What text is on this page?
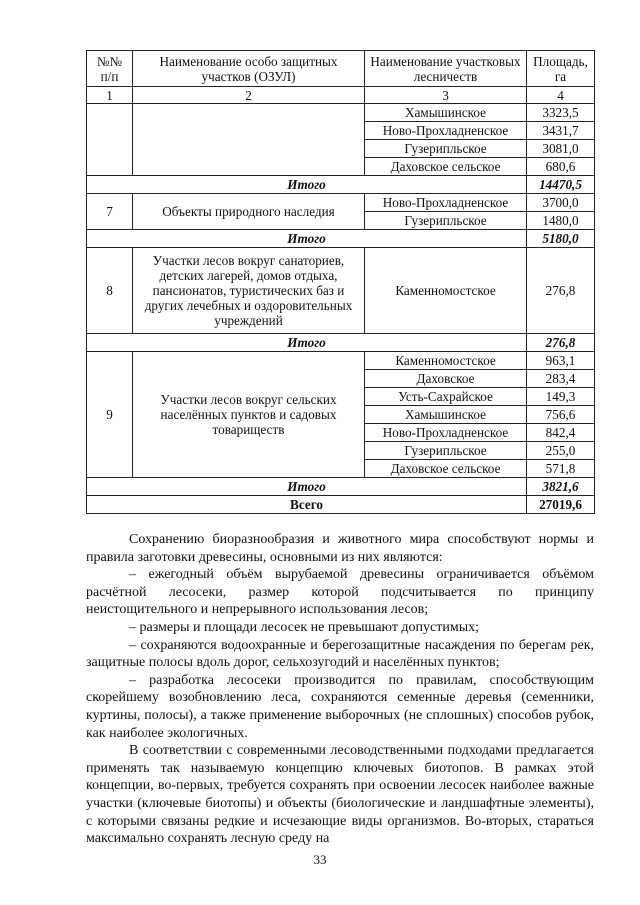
№№ п/п	Наименование особо защитных участков (ОЗУЛ)	Наименование участковых лесничеств	Площадь, га
1	2	3	4
		Хамышинское	3323,5
		Ново-Прохладненское	3431,7
		Гузерипльское	3081,0
		Даховское сельское	680,6
Итого			14470,5
7	Объекты природного наследия	Ново-Прохладненское	3700,0
		Гузерипльское	1480,0
Итого			5180,0
8	Участки лесов вокруг санаториев, детских лагерей, домов отдыха, пансионатов, туристических баз и других лечебных и оздоровительных учреждений	Каменномостское	276,8
Итого			276,8
9	Участки лесов вокруг сельских населённых пунктов и садовых товариществ	Каменномостское	963,1
		Даховское	283,4
		Усть-Сахрайское	149,3
		Хамышинское	756,6
		Ново-Прохладненское	842,4
		Гузерипльское	255,0
		Даховское сельское	571,8
Итого			3821,6
Всего			27019,6

Сохранению биоразнообразия и животного мира способствуют нормы и правила заготовки древесины, основными из них являются:

– ежегодный объём вырубаемой древесины ограничивается объёмом расчётной лесосеки, размер которой подсчитывается по принципу неистощительного и непрерывного использования лесов;

– размеры и площади лесосек не превышают допустимых;

– сохраняются водоохранные и берегозащитные насаждения по берегам рек, защитные полосы вдоль дорог, сельхозугодий и населённых пунктов;

– разработка лесосеки производится по правилам, способствующим скорейшему возобновлению леса, сохраняются семенные деревья (семенники, куртины, полосы), а также применение выборочных (не сплошных) способов рубок, как наиболее экологичных.

В соответствии с современными лесоводственными подходами предлагается применять так называемую концепцию ключевых биотопов. В рамках этой концепции, во-первых, требуется сохранять при освоении лесосек наиболее важные участки (ключевые биотопы) и объекты (биологические и ландшафтные элементы), с которыми связаны редкие и исчезающие виды организмов. Во-вторых, стараться максимально сохранять лесную среду на

33
